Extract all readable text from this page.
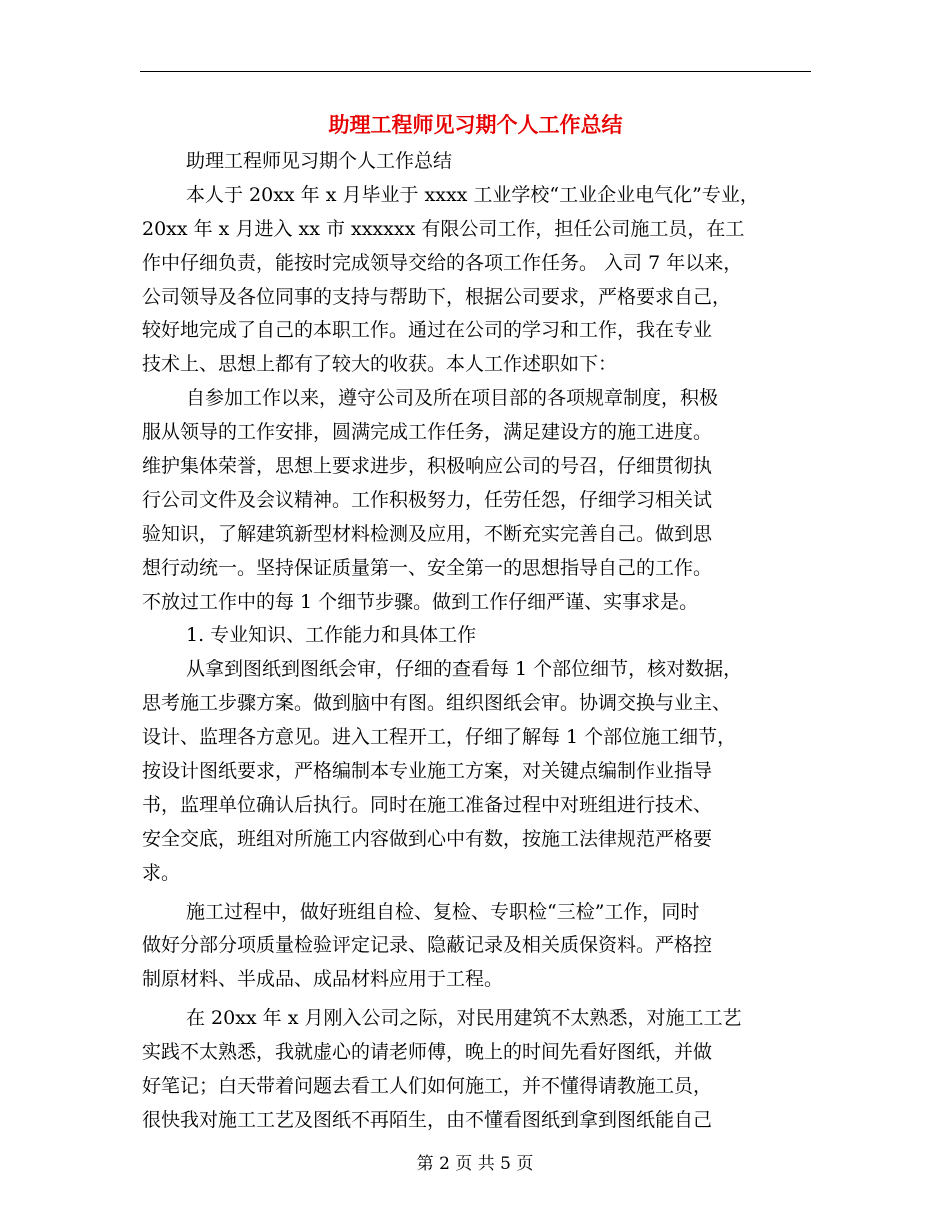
助理工程师见习期个人工作总结
助理工程师见习期个人工作总结
本人于 20xx 年 x 月毕业于 xxxx 工业学校“工业企业电气化”专业，
20xx 年 x 月进入 xx 市 xxxxxx 有限公司工作，担任公司施工员，在工
作中仔细负责，能按时完成领导交给的各项工作任务。 入司 7 年以来，
公司领导及各位同事的支持与帮助下，根据公司要求，严格要求自己，
较好地完成了自己的本职工作。通过在公司的学习和工作，我在专业
技术上、思想上都有了较大的收获。本人工作述职如下：
自参加工作以来，遵守公司及所在项目部的各项规章制度，积极
服从领导的工作安排，圆满完成工作任务，满足建设方的施工进度。
维护集体荣誉，思想上要求进步，积极响应公司的号召，仔细贯彻执
行公司文件及会议精神。工作积极努力，任劳任怨，仔细学习相关试
验知识，了解建筑新型材料检测及应用，不断充实完善自己。做到思
想行动统一。坚持保证质量第一、安全第一的思想指导自己的工作。
不放过工作中的每 1 个细节步骤。做到工作仔细严谨、实事求是。
1. 专业知识、工作能力和具体工作
从拿到图纸到图纸会审，仔细的查看每 1 个部位细节，核对数据，
思考施工步骤方案。做到脑中有图。组织图纸会审。协调交换与业主、
设计、监理各方意见。进入工程开工，仔细了解每 1 个部位施工细节，
按设计图纸要求，严格编制本专业施工方案，对关键点编制作业指导
书，监理单位确认后执行。同时在施工准备过程中对班组进行技术、
安全交底，班组对所施工内容做到心中有数，按施工法律规范严格要
求。
施工过程中，做好班组自检、复检、专职检“三检”工作，同时
做好分部分项质量检验评定记录、隐蔽记录及相关质保资料。严格控
制原材料、半成品、成品材料应用于工程。
在 20xx 年 x 月刚入公司之际，对民用建筑不太熟悉，对施工工艺
实践不太熟悉，我就虚心的请老师傅，晚上的时间先看好图纸，并做
好笔记；白天带着问题去看工人们如何施工，并不懂得请教施工员，
很快我对施工工艺及图纸不再陌生，由不懂看图纸到拿到图纸能自己
第 2 页 共 5 页
